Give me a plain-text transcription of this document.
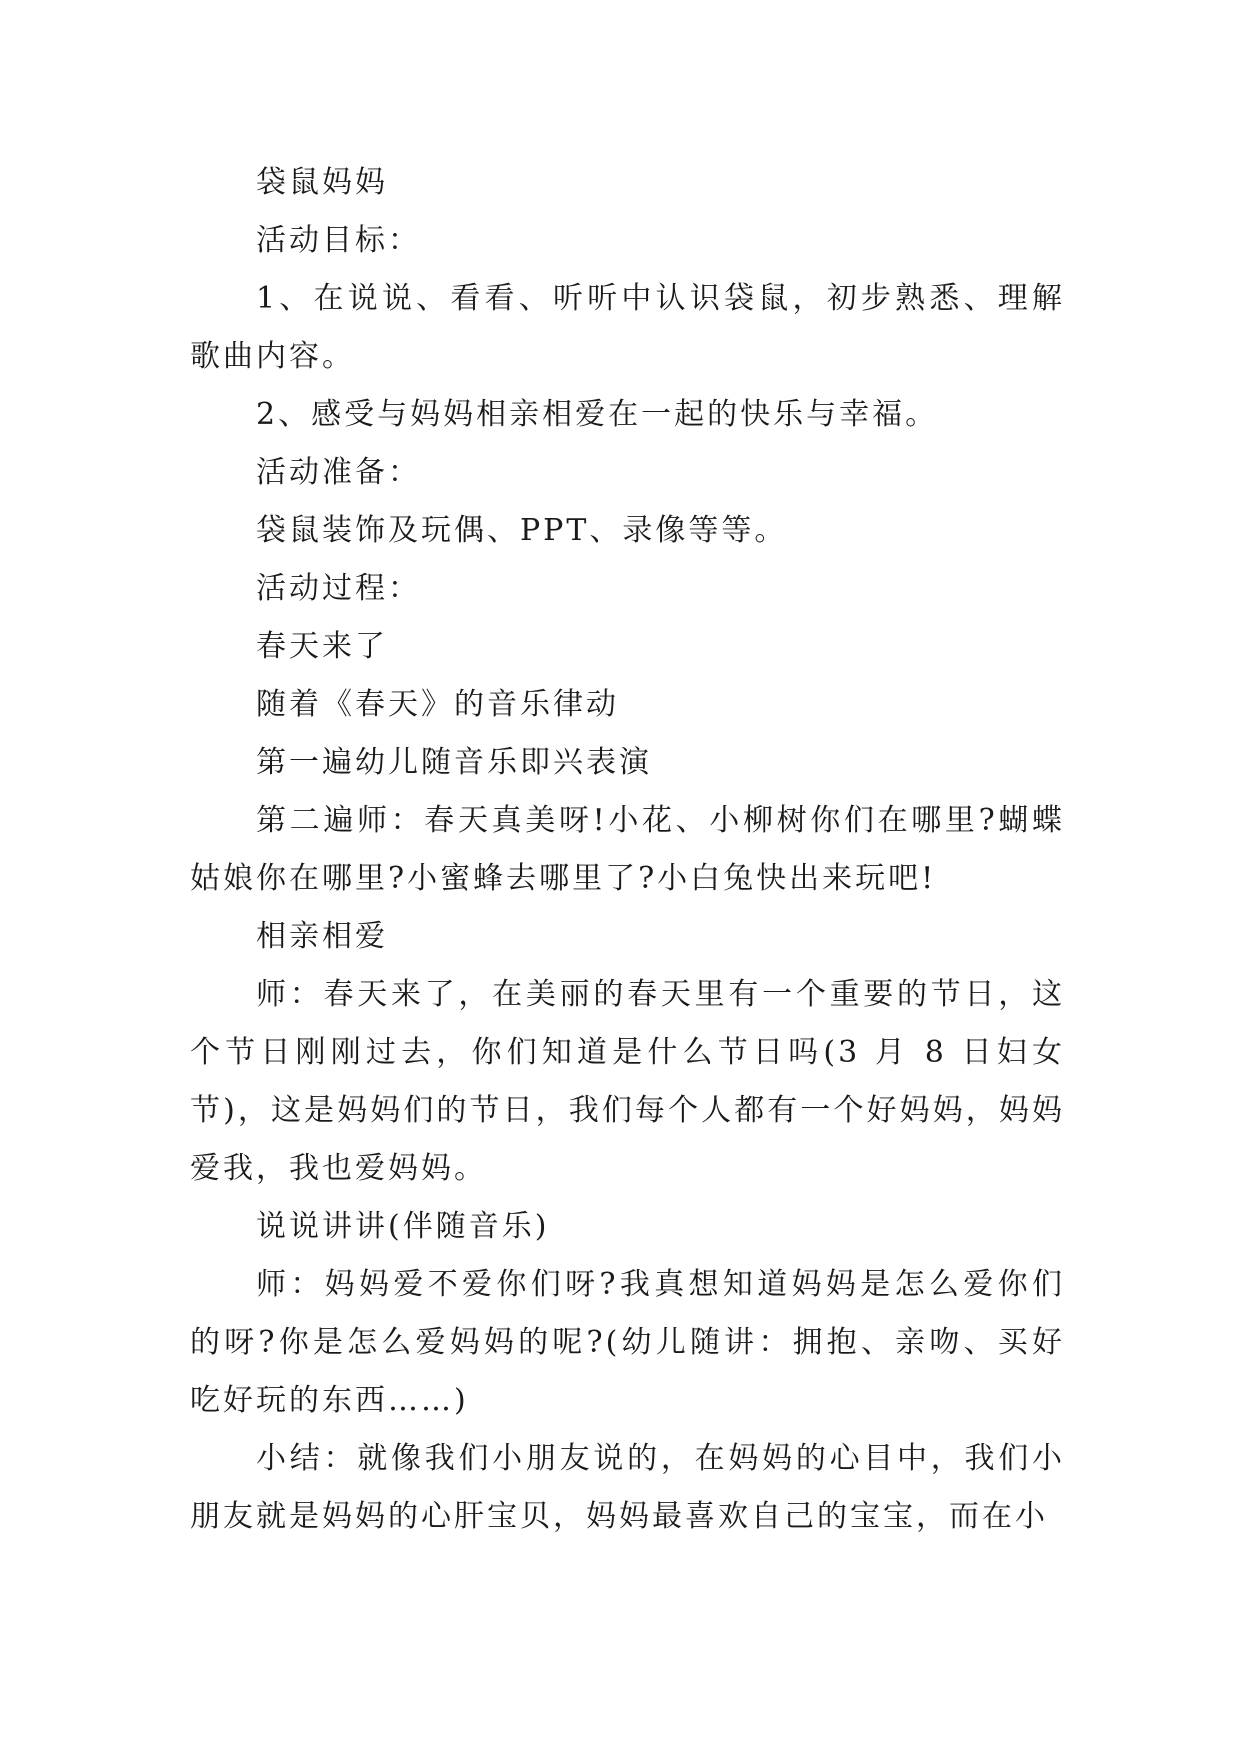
袋鼠妈妈

活动目标：

1、在说说、看看、听听中认识袋鼠，初步熟悉、理解歌曲内容。

2、感受与妈妈相亲相爱在一起的快乐与幸福。

活动准备：

袋鼠装饰及玩偶、PPT、录像等等。

活动过程：

春天来了

随着《春天》的音乐律动

第一遍幼儿随音乐即兴表演

第二遍师：春天真美呀!小花、小柳树你们在哪里?蝴蝶姑娘你在哪里?小蜜蜂去哪里了?小白兔快出来玩吧!

相亲相爱

师：春天来了，在美丽的春天里有一个重要的节日，这个节日刚刚过去，你们知道是什么节日吗(3 月 8 日妇女节)，这是妈妈们的节日，我们每个人都有一个好妈妈，妈妈爱我，我也爱妈妈。

说说讲讲(伴随音乐)

师：妈妈爱不爱你们呀?我真想知道妈妈是怎么爱你们的呀?你是怎么爱妈妈的呢?(幼儿随讲：拥抱、亲吻、买好吃好玩的东西……)

小结：就像我们小朋友说的，在妈妈的心目中，我们小朋友就是妈妈的心肝宝贝，妈妈最喜欢自己的宝宝，而在小
